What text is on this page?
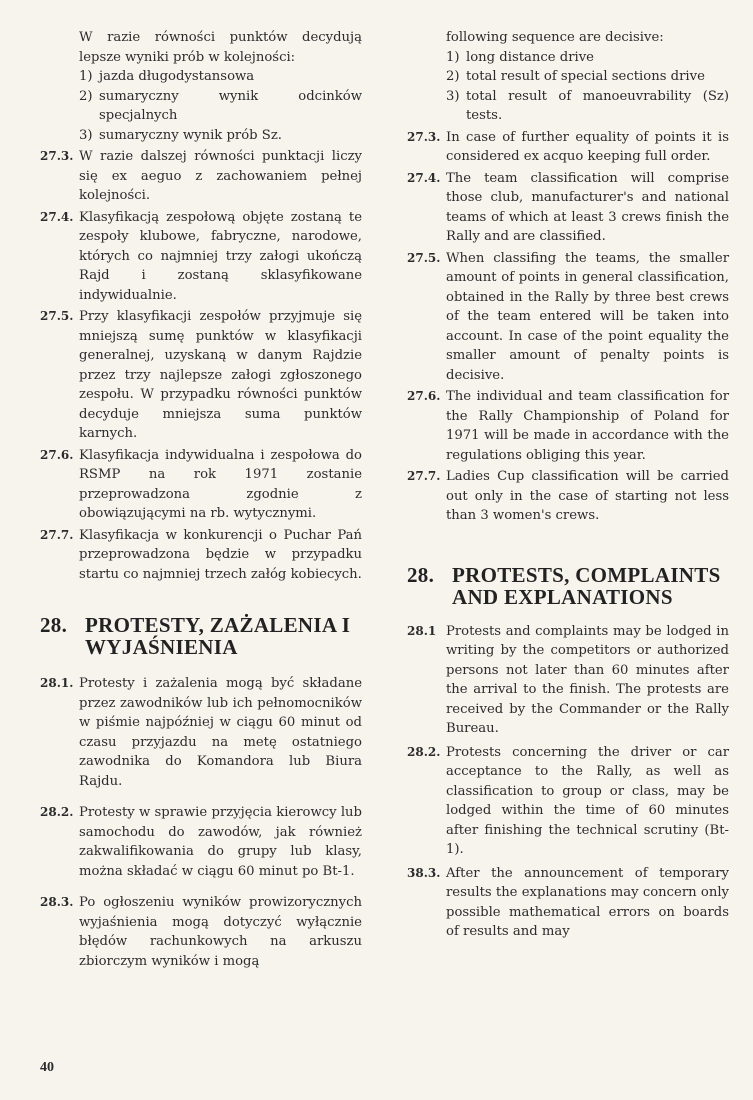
W razie równości punktów decydują lepsze wyniki prób w kolejności:
1) jazda długodystansowa
2) sumaryczny wynik odcinków specjalnych
3) sumaryczny wynik prób Sz.
27.3. W razie dalszej równości punktacji liczy się ex aeguo z zachowaniem pełnej kolejności.
27.4. Klasyfikacją zespołową objęte zostaną te zespoły klubowe, fabryczne, narodowe, których co najmniej trzy załogi ukończą Rajd i zostaną sklasyfikowane indywidualnie.
27.5. Przy klasyfikacji zespołów przyjmuje się mniejszą sumę punktów w klasyfikacji generalnej, uzyskaną w danym Rajdzie przez trzy najlepsze załogi zgłoszonego zespołu. W przypadku równości punktów decyduje mniejsza suma punktów karnych.
27.6. Klasyfikacja indywidualna i zespołowa do RSMP na rok 1971 zostanie przeprowadzona zgodnie z obowiązującymi na rb. wytycznymi.
27.7. Klasyfikacja w konkurencji o Puchar Pań przeprowadzona będzie w przypadku startu co najmniej trzech załóg kobiecych.
28. PROTESTY, ZAŻALENIA I WYJAŚNIENIA
28.1. Protesty i zażalenia mogą być składane przez zawodników lub ich pełnomocników w piśmie najpóźniej w ciągu 60 minut od czasu przyjazdu na metę ostatniego zawodnika do Komandora lub Biura Rajdu.
28.2. Protesty w sprawie przyjęcia kierowcy lub samochodu do zawodów, jak również zakwalifikowania do grupy lub klasy, można składać w ciągu 60 minut po Bt-1.
28.3. Po ogłoszeniu wyników prowizorycznych wyjaśnienia mogą dotyczyć wyłącznie błędów rachunkowych na arkuszu zbiorczym wyników i mogą
following sequence are decisive:
1) long distance drive
2) total result of special sections drive
3) total result of manoeuvrability (Sz) tests.
27.3. In case of further equality of points it is considered ex acquo keeping full order.
27.4. The team classification will comprise those club, manufacturer's and national teams of which at least 3 crews finish the Rally and are classified.
27.5. When classifing the teams, the smaller amount of points in general classification, obtained in the Rally by three best crews of the team entered will be taken into account. In case of the point equality the smaller amount of penalty points is decisive.
27.6. The individual and team classification for the Rally Championship of Poland for 1971 will be made in accordance with the regulations obliging this year.
27.7. Ladies Cup classification will be carried out only in the case of starting not less than 3 women's crews.
28. PROTESTS, COMPLAINTS AND EXPLANATIONS
28.1 Protests and complaints may be lodged in writing by the competitors or authorized persons not later than 60 minutes after the arrival to the finish. The protests are received by the Commander or the Rally Bureau.
28.2. Protests concerning the driver or car acceptance to the Rally, as well as classification to group or class, may be lodged within the time of 60 minutes after finishing the technical scrutiny (Bt-1).
38.3. After the announcement of temporary results the explanations may concern only possible mathematical errors on boards of results and may
40
